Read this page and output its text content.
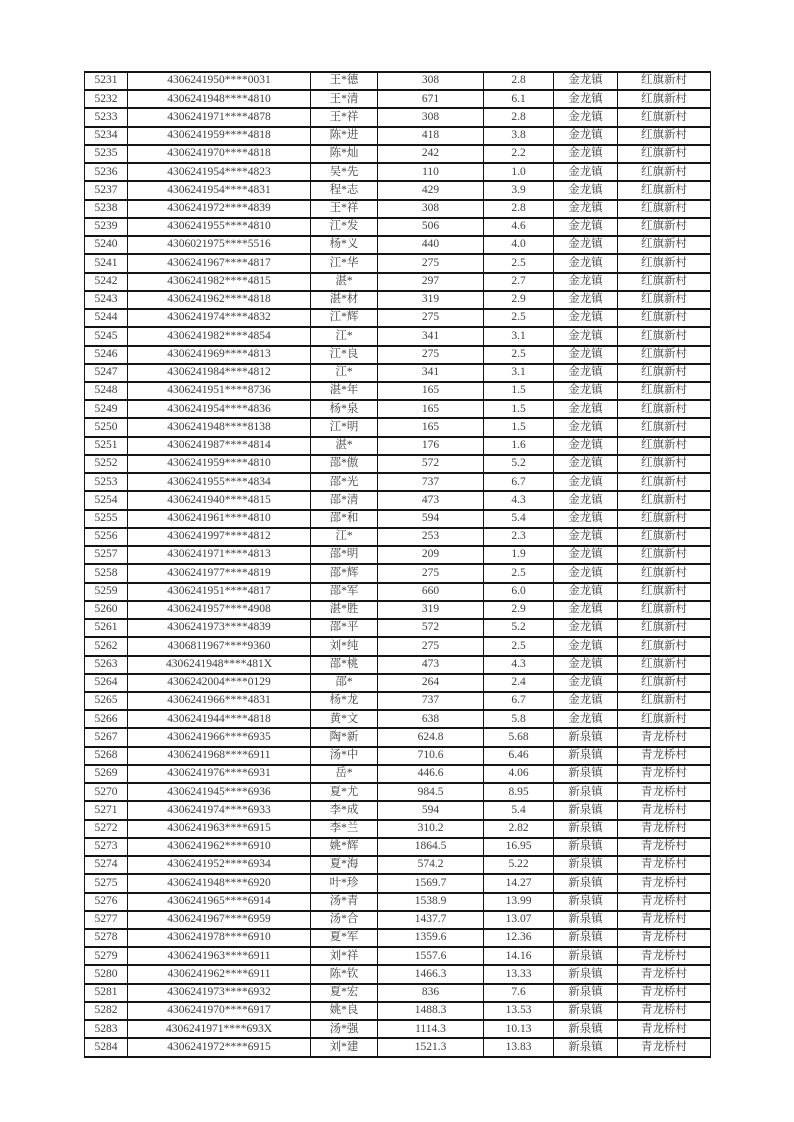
5231	4306241950****0031	王*德	308	2.8	金龙镇	红旗新村
5232	4306241948****4810	王*清	671	6.1	金龙镇	红旗新村
5233	4306241971****4878	王*祥	308	2.8	金龙镇	红旗新村
5234	4306241959****4818	陈*进	418	3.8	金龙镇	红旗新村
5235	4306241970****4818	陈*灿	242	2.2	金龙镇	红旗新村
5236	4306241954****4823	吴*先	110	1.0	金龙镇	红旗新村
5237	4306241954****4831	程*志	429	3.9	金龙镇	红旗新村
5238	4306241972****4839	王*祥	308	2.8	金龙镇	红旗新村
5239	4306241955****4810	江*发	506	4.6	金龙镇	红旗新村
5240	4306021975****5516	杨*义	440	4.0	金龙镇	红旗新村
5241	4306241967****4817	江*华	275	2.5	金龙镇	红旗新村
5242	4306241982****4815	湛*	297	2.7	金龙镇	红旗新村
5243	4306241962****4818	湛*材	319	2.9	金龙镇	红旗新村
5244	4306241974****4832	江*辉	275	2.5	金龙镇	红旗新村
5245	4306241982****4854	江*	341	3.1	金龙镇	红旗新村
5246	4306241969****4813	江*良	275	2.5	金龙镇	红旗新村
5247	4306241984****4812	江*	341	3.1	金龙镇	红旗新村
5248	4306241951****8736	湛*年	165	1.5	金龙镇	红旗新村
5249	4306241954****4836	杨*泉	165	1.5	金龙镇	红旗新村
5250	4306241948****8138	江*明	165	1.5	金龙镇	红旗新村
5251	4306241987****4814	湛*	176	1.6	金龙镇	红旗新村
5252	4306241959****4810	邵*傲	572	5.2	金龙镇	红旗新村
5253	4306241955****4834	邵*光	737	6.7	金龙镇	红旗新村
5254	4306241940****4815	邵*清	473	4.3	金龙镇	红旗新村
5255	4306241961****4810	邵*和	594	5.4	金龙镇	红旗新村
5256	4306241997****4812	江*	253	2.3	金龙镇	红旗新村
5257	4306241971****4813	邵*明	209	1.9	金龙镇	红旗新村
5258	4306241977****4819	邵*辉	275	2.5	金龙镇	红旗新村
5259	4306241951****4817	邵*军	660	6.0	金龙镇	红旗新村
5260	4306241957****4908	湛*胜	319	2.9	金龙镇	红旗新村
5261	4306241973****4839	邵*平	572	5.2	金龙镇	红旗新村
5262	4306811967****9360	刘*纯	275	2.5	金龙镇	红旗新村
5263	4306241948****481X	邵*桃	473	4.3	金龙镇	红旗新村
5264	4306242004****0129	邵*	264	2.4	金龙镇	红旗新村
5265	4306241966****4831	杨*龙	737	6.7	金龙镇	红旗新村
5266	4306241944****4818	黄*文	638	5.8	金龙镇	红旗新村
5267	4306241966****6935	陶*新	624.8	5.68	新泉镇	青龙桥村
5268	4306241968****6911	汤*中	710.6	6.46	新泉镇	青龙桥村
5269	4306241976****6931	岳*	446.6	4.06	新泉镇	青龙桥村
5270	4306241945****6936	夏*尤	984.5	8.95	新泉镇	青龙桥村
5271	4306241974****6933	李*成	594	5.4	新泉镇	青龙桥村
5272	4306241963****6915	李*兰	310.2	2.82	新泉镇	青龙桥村
5273	4306241962****6910	姚*辉	1864.5	16.95	新泉镇	青龙桥村
5274	4306241952****6934	夏*海	574.2	5.22	新泉镇	青龙桥村
5275	4306241948****6920	叶*珍	1569.7	14.27	新泉镇	青龙桥村
5276	4306241965****6914	汤*青	1538.9	13.99	新泉镇	青龙桥村
5277	4306241967****6959	汤*合	1437.7	13.07	新泉镇	青龙桥村
5278	4306241978****6910	夏*军	1359.6	12.36	新泉镇	青龙桥村
5279	4306241963****6911	刘*祥	1557.6	14.16	新泉镇	青龙桥村
5280	4306241962****6911	陈*钦	1466.3	13.33	新泉镇	青龙桥村
5281	4306241973****6932	夏*宏	836	7.6	新泉镇	青龙桥村
5282	4306241970****6917	姚*良	1488.3	13.53	新泉镇	青龙桥村
5283	4306241971****693X	汤*强	1114.3	10.13	新泉镇	青龙桥村
5284	4306241972****6915	刘*建	1521.3	13.83	新泉镇	青龙桥村
